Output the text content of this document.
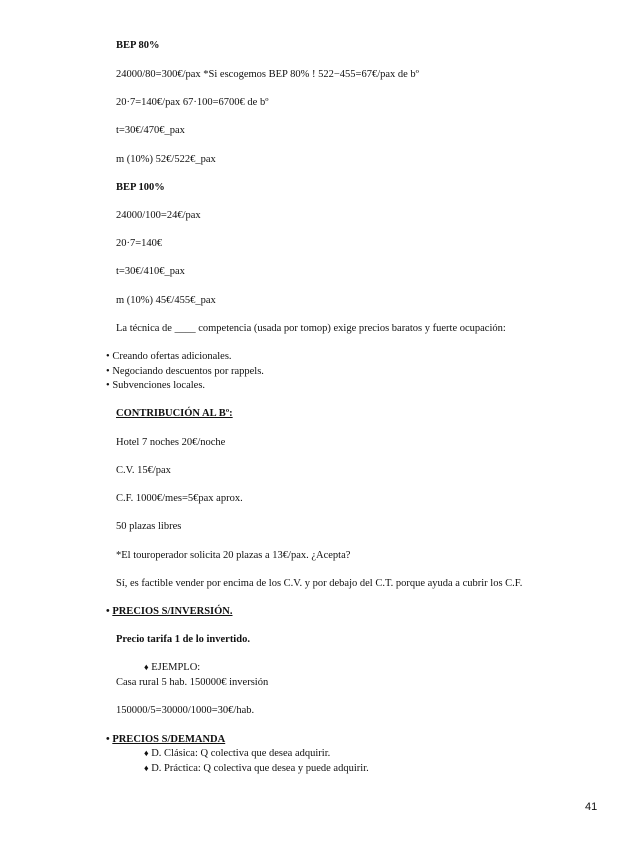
BEP 80%
24000/80=300€/pax *Si escogemos BEP 80% ! 522−455=67€/pax de bº
20·7=140€/pax 67·100=6700€ de bº
t=30€/470€_pax
m (10%) 52€/522€_pax
BEP 100%
24000/100=24€/pax
20·7=140€
t=30€/410€_pax
m (10%) 45€/455€_pax
La técnica de ____ competencia (usada por tomop) exige precios baratos y fuerte ocupación:
• Creando ofertas adicionales.
• Negociando descuentos por rappels.
• Subvenciones locales.
CONTRIBUCIÓN AL Bº:
Hotel 7 noches 20€/noche
C.V. 15€/pax
C.F. 1000€/mes=5€pax aprox.
50 plazas libres
*El touroperador solicita 20 plazas a 13€/pax. ¿Acepta?
Sí, es factible vender por encima de los C.V. y por debajo del C.T. porque ayuda a cubrir los C.F.
• PRECIOS S/INVERSIÓN.
Precio tarifa 1 de lo invertido.
♦ EJEMPLO:
Casa rural 5 hab. 150000€ inversión
150000/5=30000/1000=30€/hab.
• PRECIOS S/DEMANDA
♦ D. Clásica: Q colectiva que desea adquirir.
♦ D. Práctica: Q colectiva que desea y puede adquirir.
41
